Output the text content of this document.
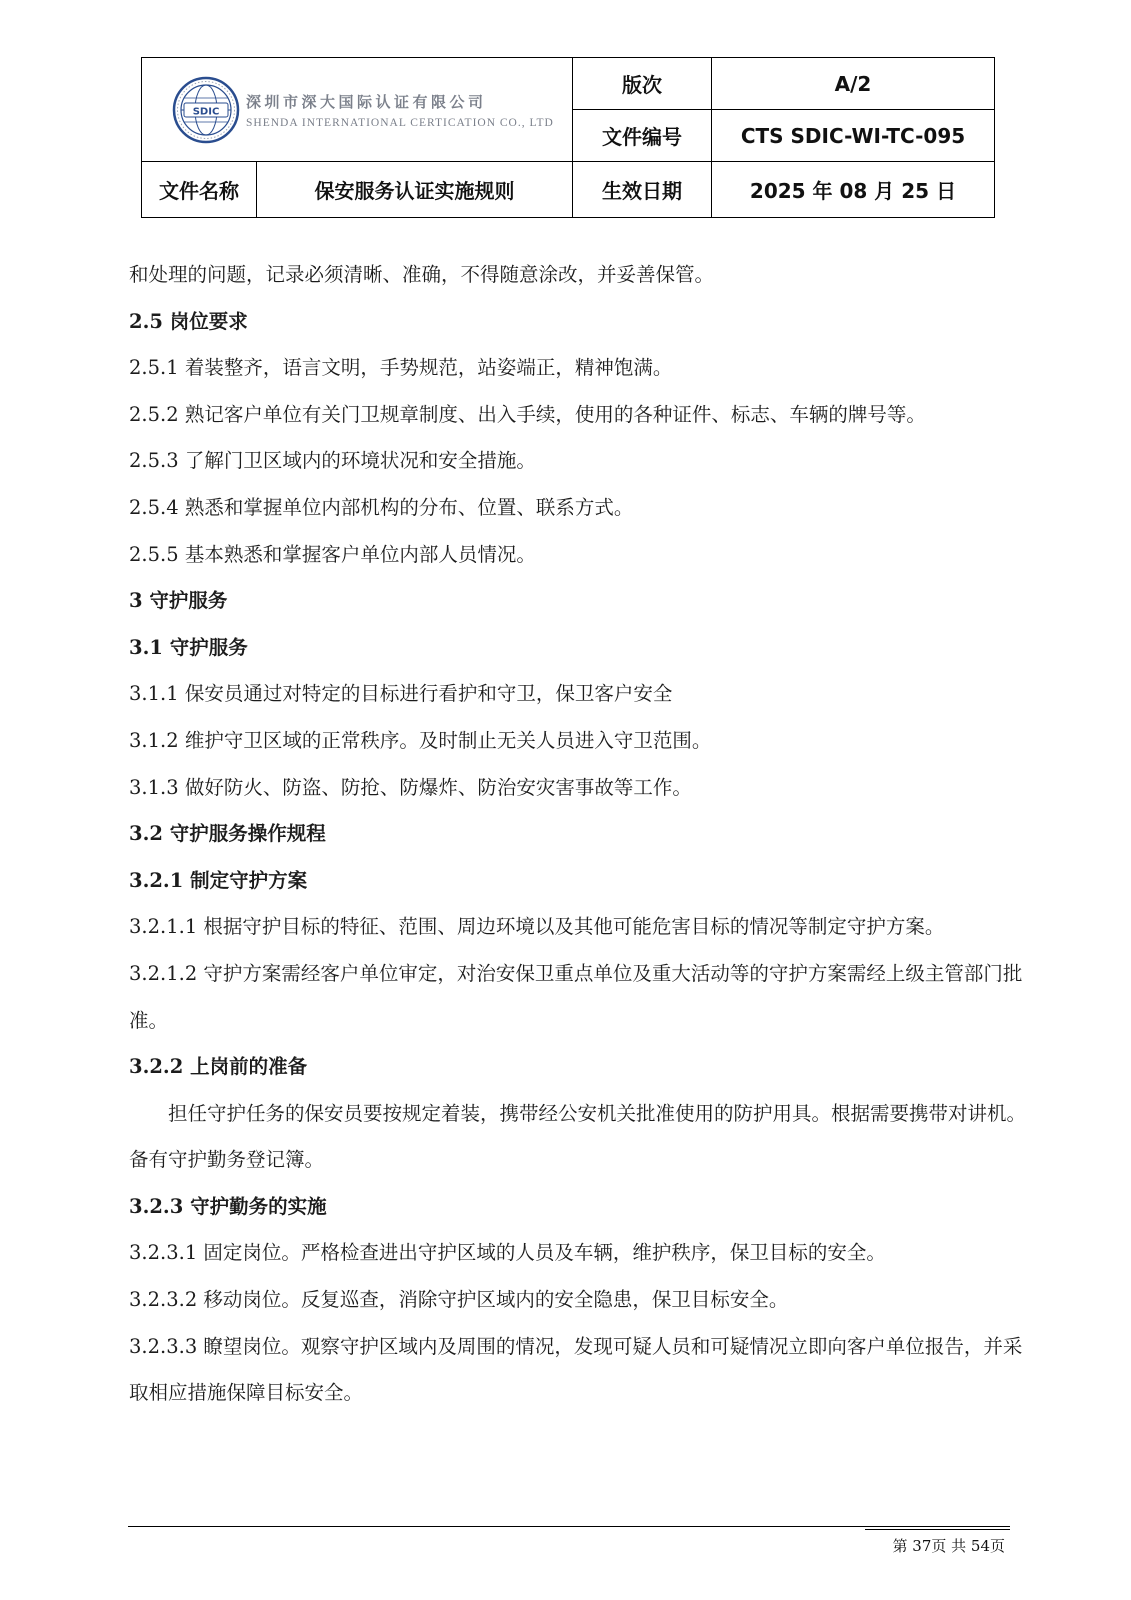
SDIC
深圳市深大国际认证有限公司
SHENDA INTERNATIONAL CERTICATION CO., LTD		版次	A/2
		文件编号	CTS SDIC-WI-TC-095
文件名称	保安服务认证实施规则	生效日期	2025 年 08 月 25 日

和处理的问题，记录必须清晰、准确，不得随意涂改，并妥善保管。

2.5 岗位要求

2.5.1 着装整齐，语言文明，手势规范，站姿端正，精神饱满。

2.5.2 熟记客户单位有关门卫规章制度、出入手续，使用的各种证件、标志、车辆的牌号等。

2.5.3 了解门卫区域内的环境状况和安全措施。

2.5.4 熟悉和掌握单位内部机构的分布、位置、联系方式。

2.5.5 基本熟悉和掌握客户单位内部人员情况。

3 守护服务

3.1 守护服务

3.1.1 保安员通过对特定的目标进行看护和守卫，保卫客户安全

3.1.2 维护守卫区域的正常秩序。及时制止无关人员进入守卫范围。

3.1.3 做好防火、防盗、防抢、防爆炸、防治安灾害事故等工作。

3.2 守护服务操作规程

3.2.1 制定守护方案

3.2.1.1 根据守护目标的特征、范围、周边环境以及其他可能危害目标的情况等制定守护方案。

3.2.1.2 守护方案需经客户单位审定，对治安保卫重点单位及重大活动等的守护方案需经上级主管部门批准。

3.2.2 上岗前的准备

担任守护任务的保安员要按规定着装，携带经公安机关批准使用的防护用具。根据需要携带对讲机。备有守护勤务登记簿。

3.2.3 守护勤务的实施

3.2.3.1 固定岗位。严格检查进出守护区域的人员及车辆，维护秩序，保卫目标的安全。

3.2.3.2 移动岗位。反复巡查，消除守护区域内的安全隐患，保卫目标安全。

3.2.3.3 瞭望岗位。观察守护区域内及周围的情况，发现可疑人员和可疑情况立即向客户单位报告，并采取相应措施保障目标安全。

第 37页 共 54页
